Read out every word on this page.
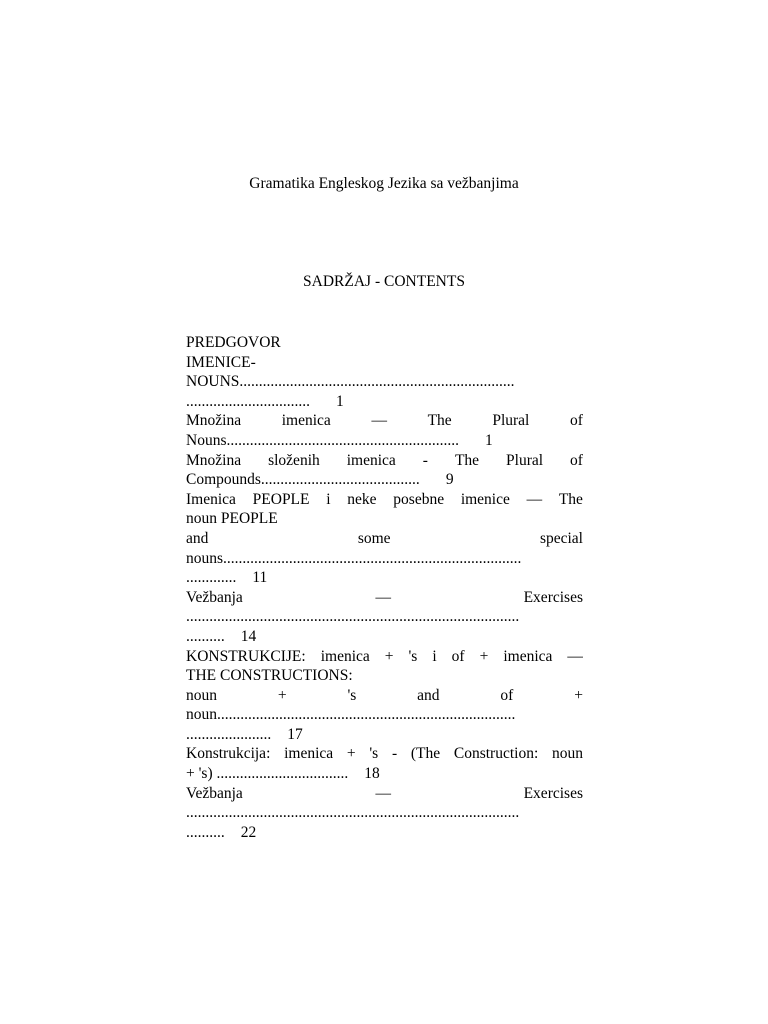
Gramatika Engleskog Jezika sa vežbanjima
SADRŽAJ - CONTENTS
PREDGOVOR
IMENICE-
NOUNS.......................................................................
................................ 1
Množina	imenica	—	The	Plural	of
Nouns............................................................ 1
Množina složenih imenica - The Plural of
Compounds......................................... 9
Imenica PEOPLE i neke posebne imenice — The
noun PEOPLE
and	some	special
nouns.............................................................................
............. 11
Vežbanja	—	Exercises
......................................................................................
.......... 14
KONSTRUKCIJE: imenica + 's i of + imenica —
THE CONSTRUCTIONS:
noun	+	's	and	of	+
noun.............................................................................
...................... 17
Konstrukcija: imenica + 's - (The Construction: noun
+ 's) .................................. 18
Vežbanja	—	Exercises
......................................................................................
.......... 22
